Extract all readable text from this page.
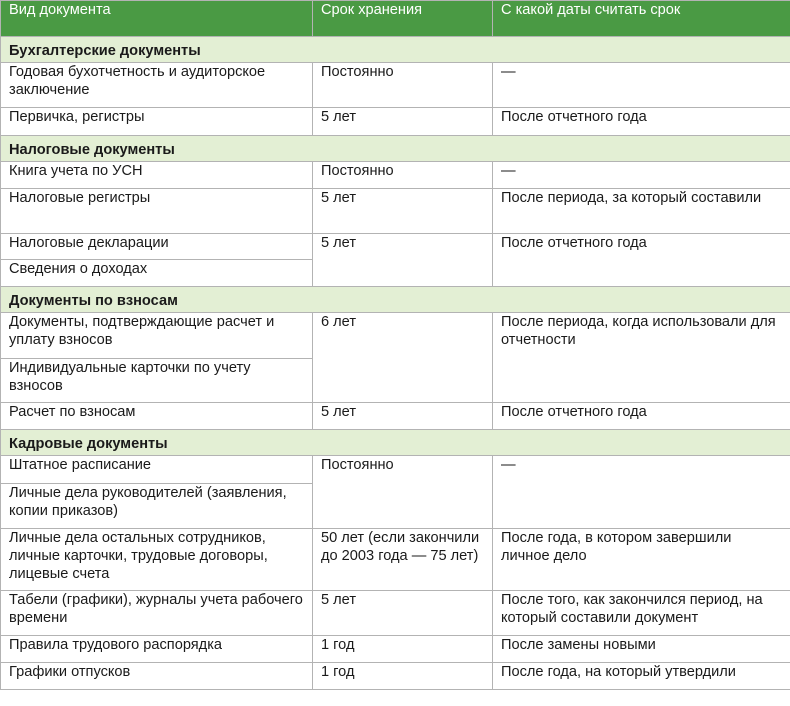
Вид документа	Срок хранения	С какой даты считать срок
Бухгалтерские документы		
Годовая бухотчетность и аудиторское заключение	Постоянно	—
Первичка, регистры	5 лет	После отчетного года
Налоговые документы		
Книга учета по УСН	Постоянно	—
Налоговые регистры	5 лет	После периода, за который составили
Налоговые декларации	5 лет	После отчетного года
Сведения о доходах		
Документы по взносам		
Документы, подтверждающие расчет и уплату взносов	6 лет	После периода, когда использовали для отчетности
Индивидуальные карточки по учету взносов		
Расчет по взносам	5 лет	После отчетного года
Кадровые документы		
Штатное расписание	Постоянно	—
Личные дела руководителей (заявления, копии приказов)		
Личные дела остальных сотрудников, личные карточки, трудовые договоры, лицевые счета	50 лет (если закончили до 2003 года — 75 лет)	После года, в котором завершили личное дело
Табели (графики), журналы учета рабочего времени	5 лет	После того, как закончился период, на который составили документ
Правила трудового распорядка	1 год	После замены новыми
Графики отпусков	1 год	После года, на который утвердили
